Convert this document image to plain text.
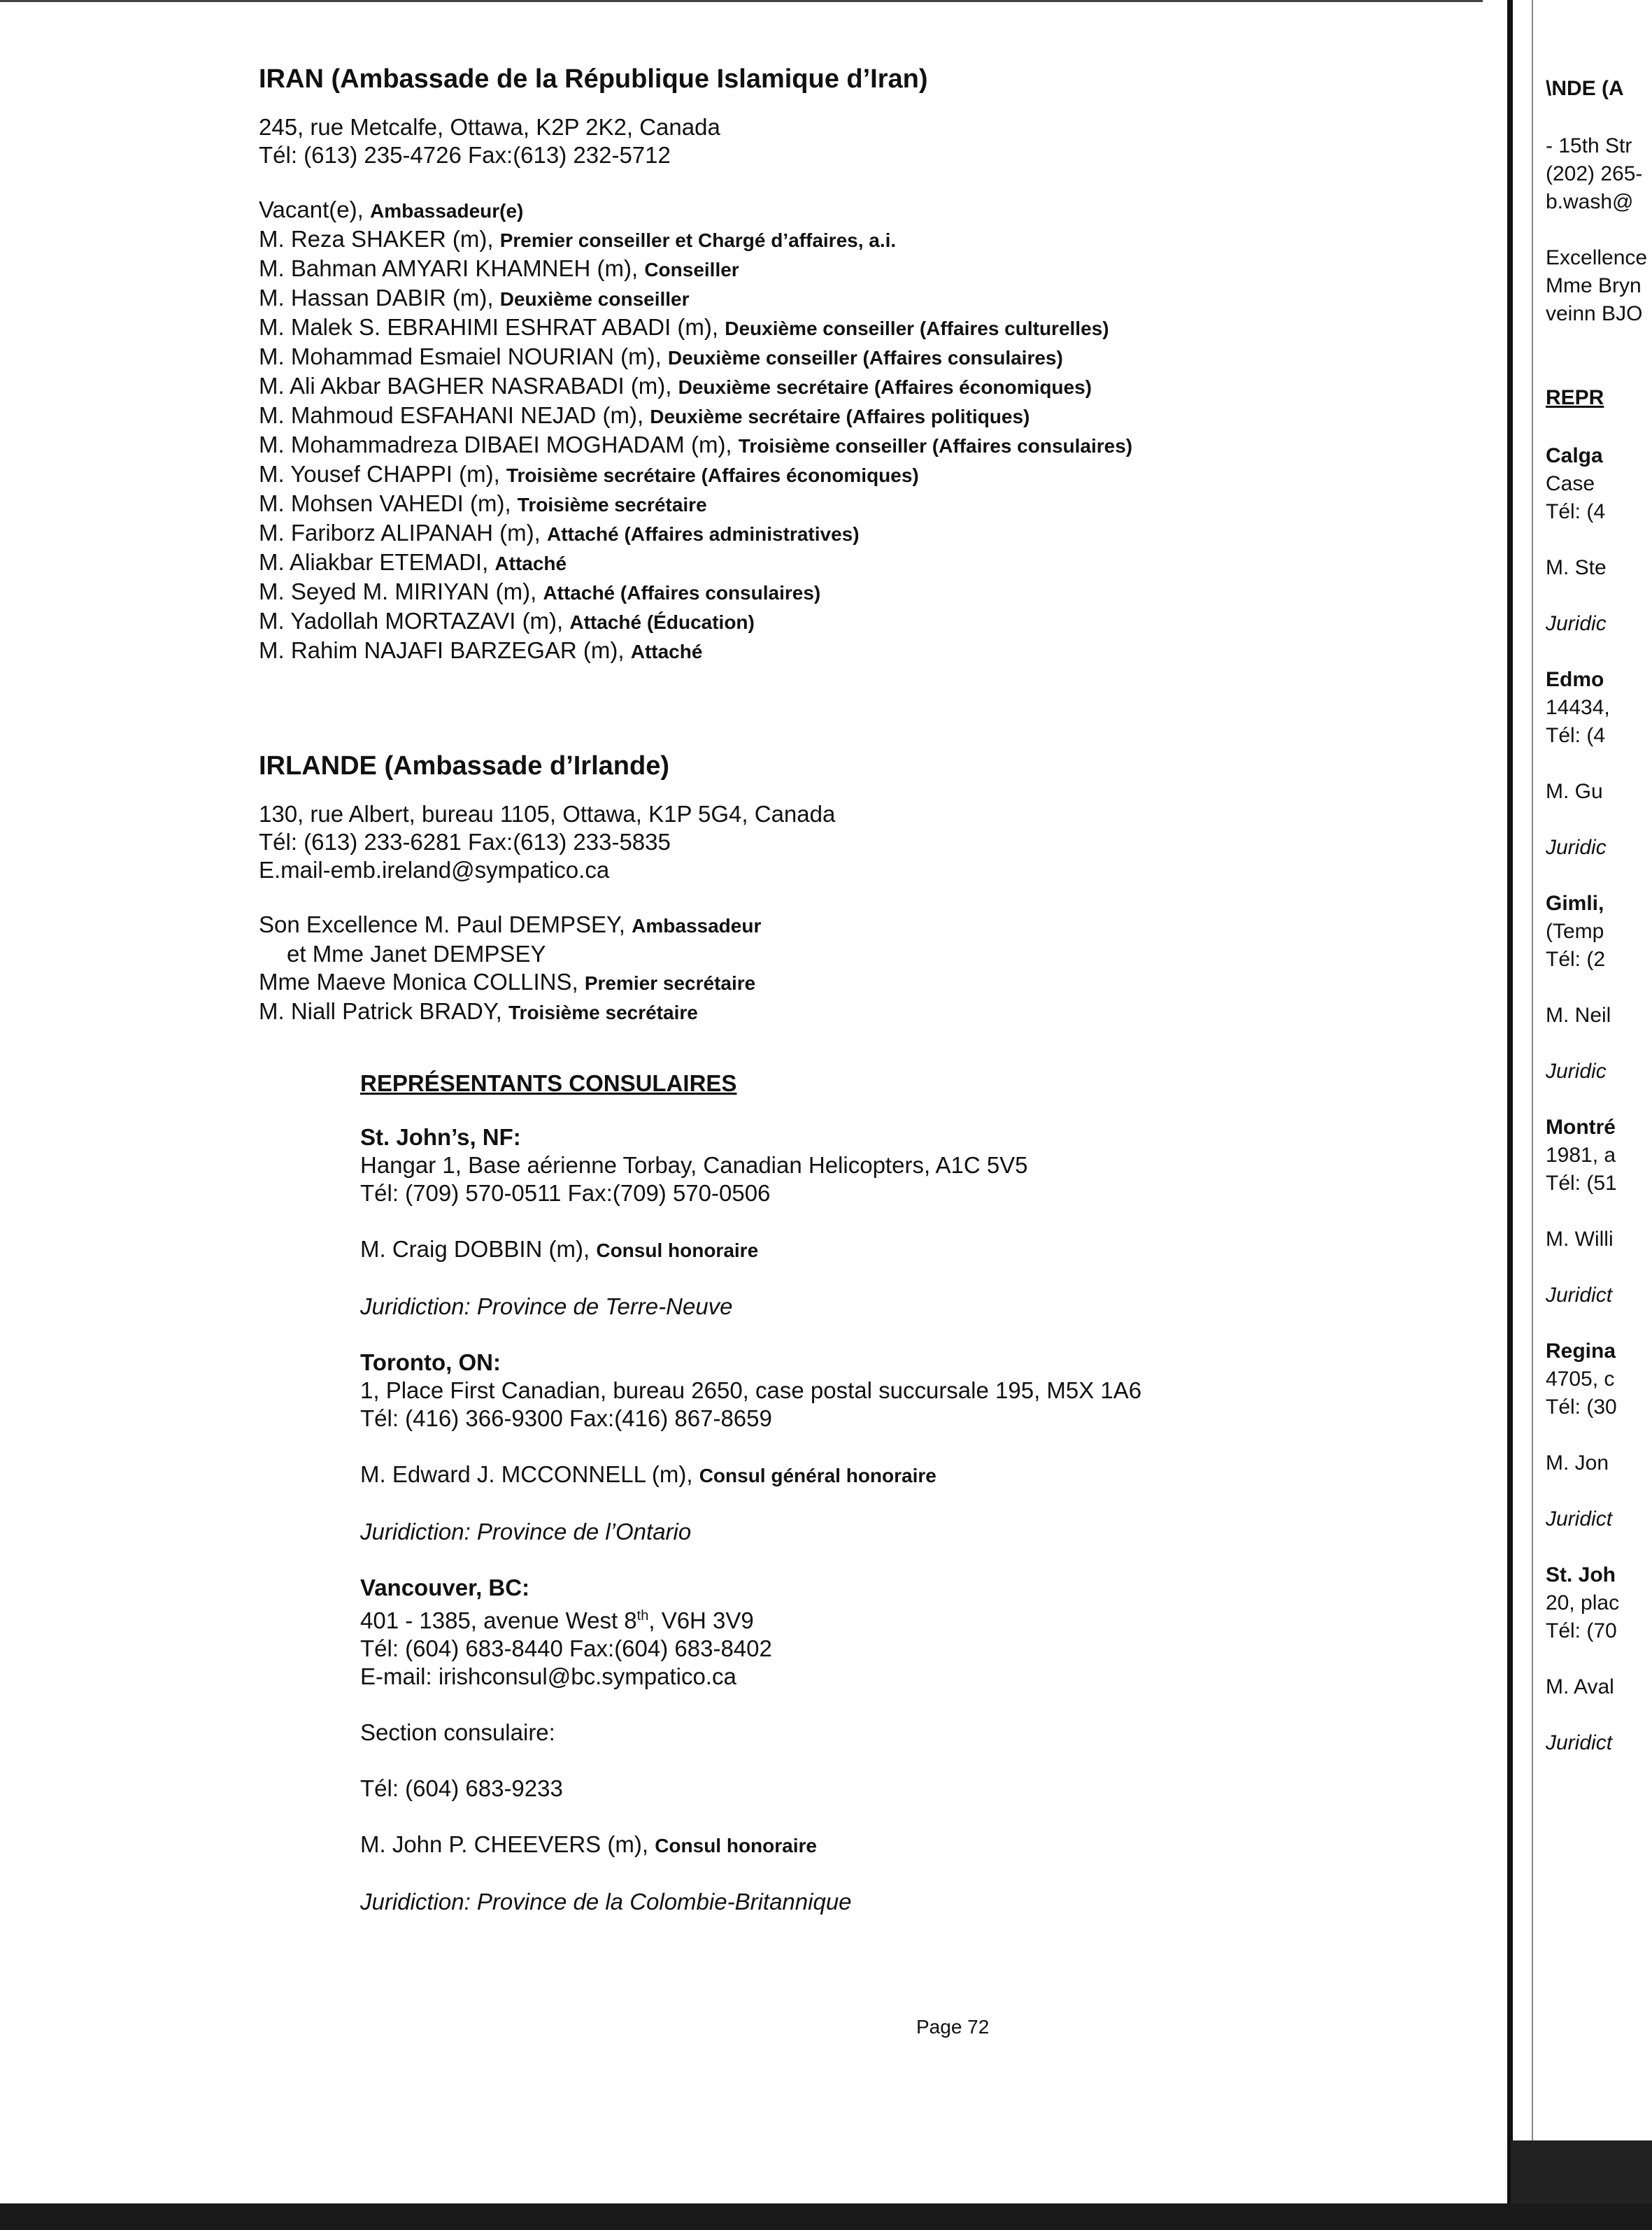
IRAN (Ambassade de la République Islamique d’Iran)
245, rue Metcalfe, Ottawa, K2P 2K2, Canada
Tél: (613) 235-4726 Fax:(613) 232-5712
Vacant(e), Ambassadeur(e)
M. Reza SHAKER (m), Premier conseiller et Chargé d’affaires, a.i.
M. Bahman AMYARI KHAMNEH (m), Conseiller
M. Hassan DABIR (m), Deuxième conseiller
M. Malek S. EBRAHIMI ESHRAT ABADI (m), Deuxième conseiller (Affaires culturelles)
M. Mohammad Esmaiel NOURIAN (m), Deuxième conseiller (Affaires consulaires)
M. Ali Akbar BAGHER NASRABADI (m), Deuxième secrétaire (Affaires économiques)
M. Mahmoud ESFAHANI NEJAD (m), Deuxième secrétaire (Affaires politiques)
M. Mohammadreza DIBAEI MOGHADAM (m), Troisième conseiller (Affaires consulaires)
M. Yousef CHAPPI (m), Troisième secrétaire (Affaires économiques)
M. Mohsen VAHEDI (m), Troisième secrétaire
M. Fariborz ALIPANAH (m), Attaché (Affaires administratives)
M. Aliakbar ETEMADI, Attaché
M. Seyed M. MIRIYAN (m), Attaché (Affaires consulaires)
M. Yadollah MORTAZAVI (m), Attaché (Éducation)
M. Rahim NAJAFI BARZEGAR (m), Attaché
IRLANDE (Ambassade d’Irlande)
130, rue Albert, bureau 1105, Ottawa, K1P 5G4, Canada
Tél: (613) 233-6281 Fax:(613) 233-5835
E.mail-emb.ireland@sympatico.ca
Son Excellence M. Paul DEMPSEY, Ambassadeur
et Mme Janet DEMPSEY
Mme Maeve Monica COLLINS, Premier secrétaire
M. Niall Patrick BRADY, Troisième secrétaire
REPRÉSENTANTS CONSULAIRES
St. John’s, NF:
Hangar 1, Base aérienne Torbay, Canadian Helicopters, A1C 5V5
Tél: (709) 570-0511 Fax:(709) 570-0506
M. Craig DOBBIN (m), Consul honoraire
Juridiction: Province de Terre-Neuve
Toronto, ON:
1, Place First Canadian, bureau 2650, case postal succursale 195, M5X 1A6
Tél: (416) 366-9300 Fax:(416) 867-8659
M. Edward J. MCCONNELL (m), Consul général honoraire
Juridiction: Province de l’Ontario
Vancouver, BC:
401 - 1385, avenue West 8th, V6H 3V9
Tél: (604) 683-8440 Fax:(604) 683-8402
E-mail: irishconsul@bc.sympatico.ca
Section consulaire:
Tél: (604) 683-9233
M. John P. CHEEVERS (m), Consul honoraire
Juridiction: Province de la Colombie-Britannique
Page 72
\NDE (A
- 15th Str
(202) 265-
b.wash@
Excellence
Mme Bryn
veinn BJO
REPR
Calga
Case
Tél: (4
M. Ste
Juridic
Edmo
14434,
Tél: (4
M. Gu
Juridic
Gimli,
(Temp
Tél: (2
M. Neil
Juridic
Montré
1981, a
Tél: (51
M. Willi
Juridict
Regina
4705, c
Tél: (30
M. Jon
Juridict
St. Joh
20, plac
Tél: (70
M. Aval
Juridict
